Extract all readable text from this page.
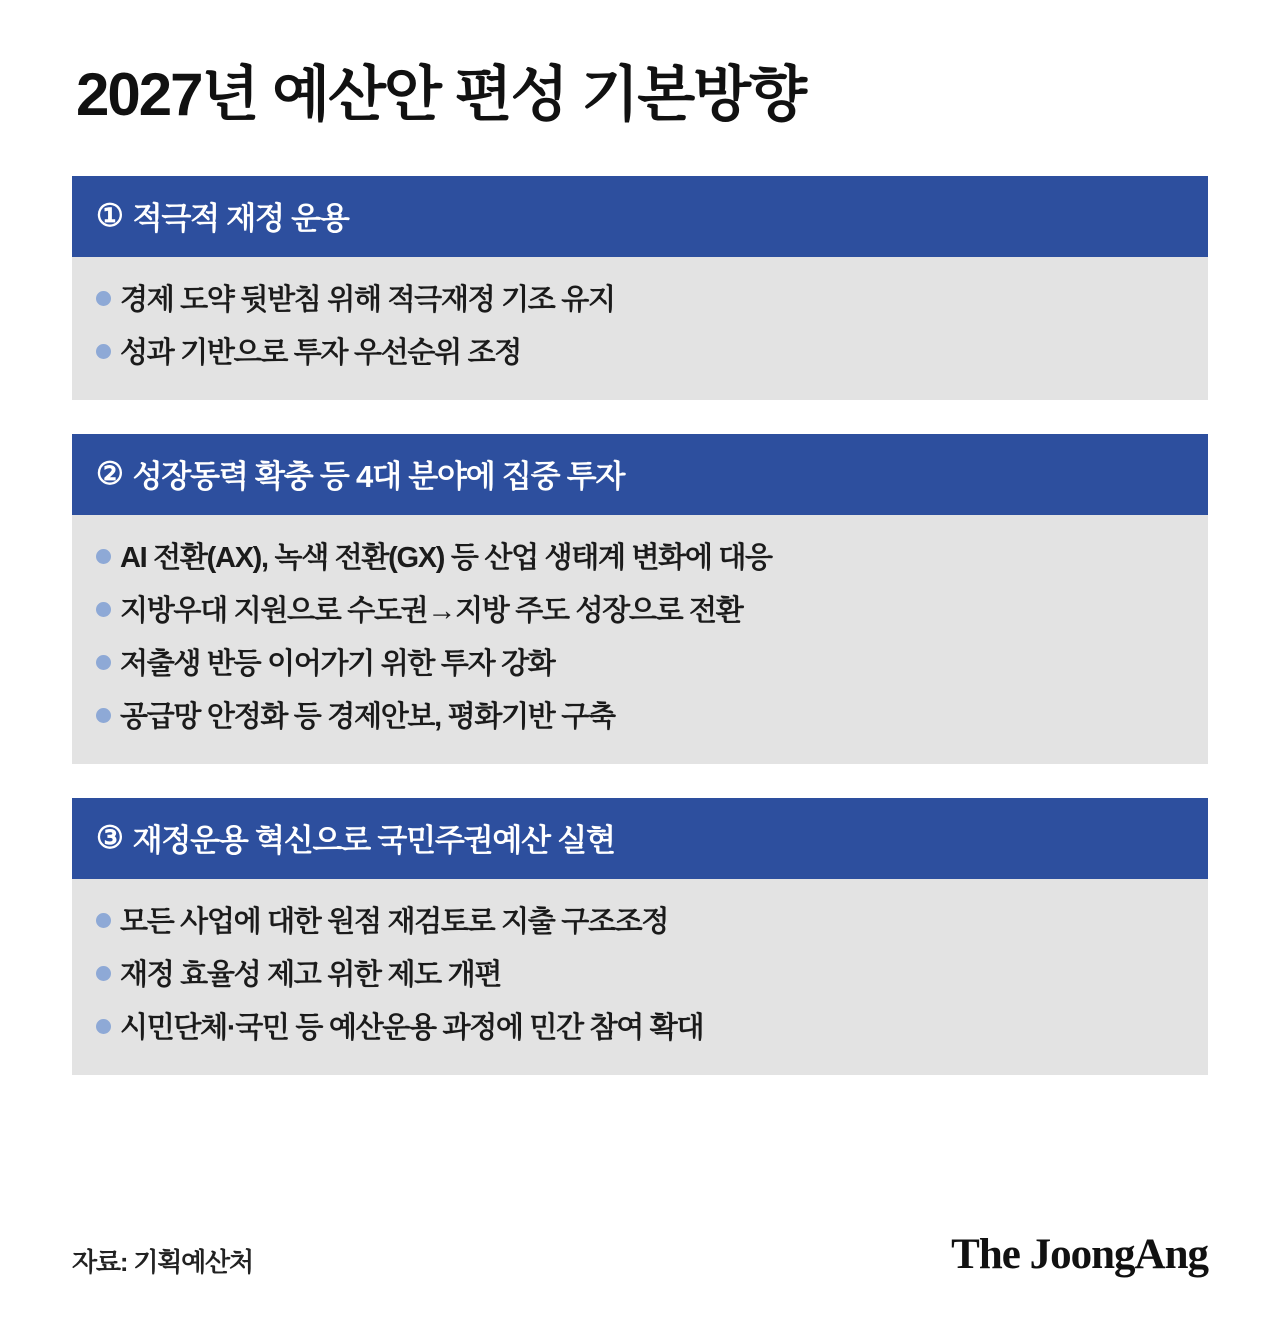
2027년 예산안 편성 기본방향
① 적극적 재정 운용
경제 도약 뒷받침 위해 적극재정 기조 유지
성과 기반으로 투자 우선순위 조정
② 성장동력 확충 등 4대 분야에 집중 투자
AI 전환(AX), 녹색 전환(GX) 등 산업 생태계 변화에 대응
지방우대 지원으로 수도권→지방 주도 성장으로 전환
저출생 반등 이어가기 위한 투자 강화
공급망 안정화 등 경제안보, 평화기반 구축
③ 재정운용 혁신으로 국민주권예산 실현
모든 사업에 대한 원점 재검토로 지출 구조조정
재정 효율성 제고 위한 제도 개편
시민단체·국민 등 예산운용 과정에 민간 참여 확대
자료: 기획예산처	The JoongAng
